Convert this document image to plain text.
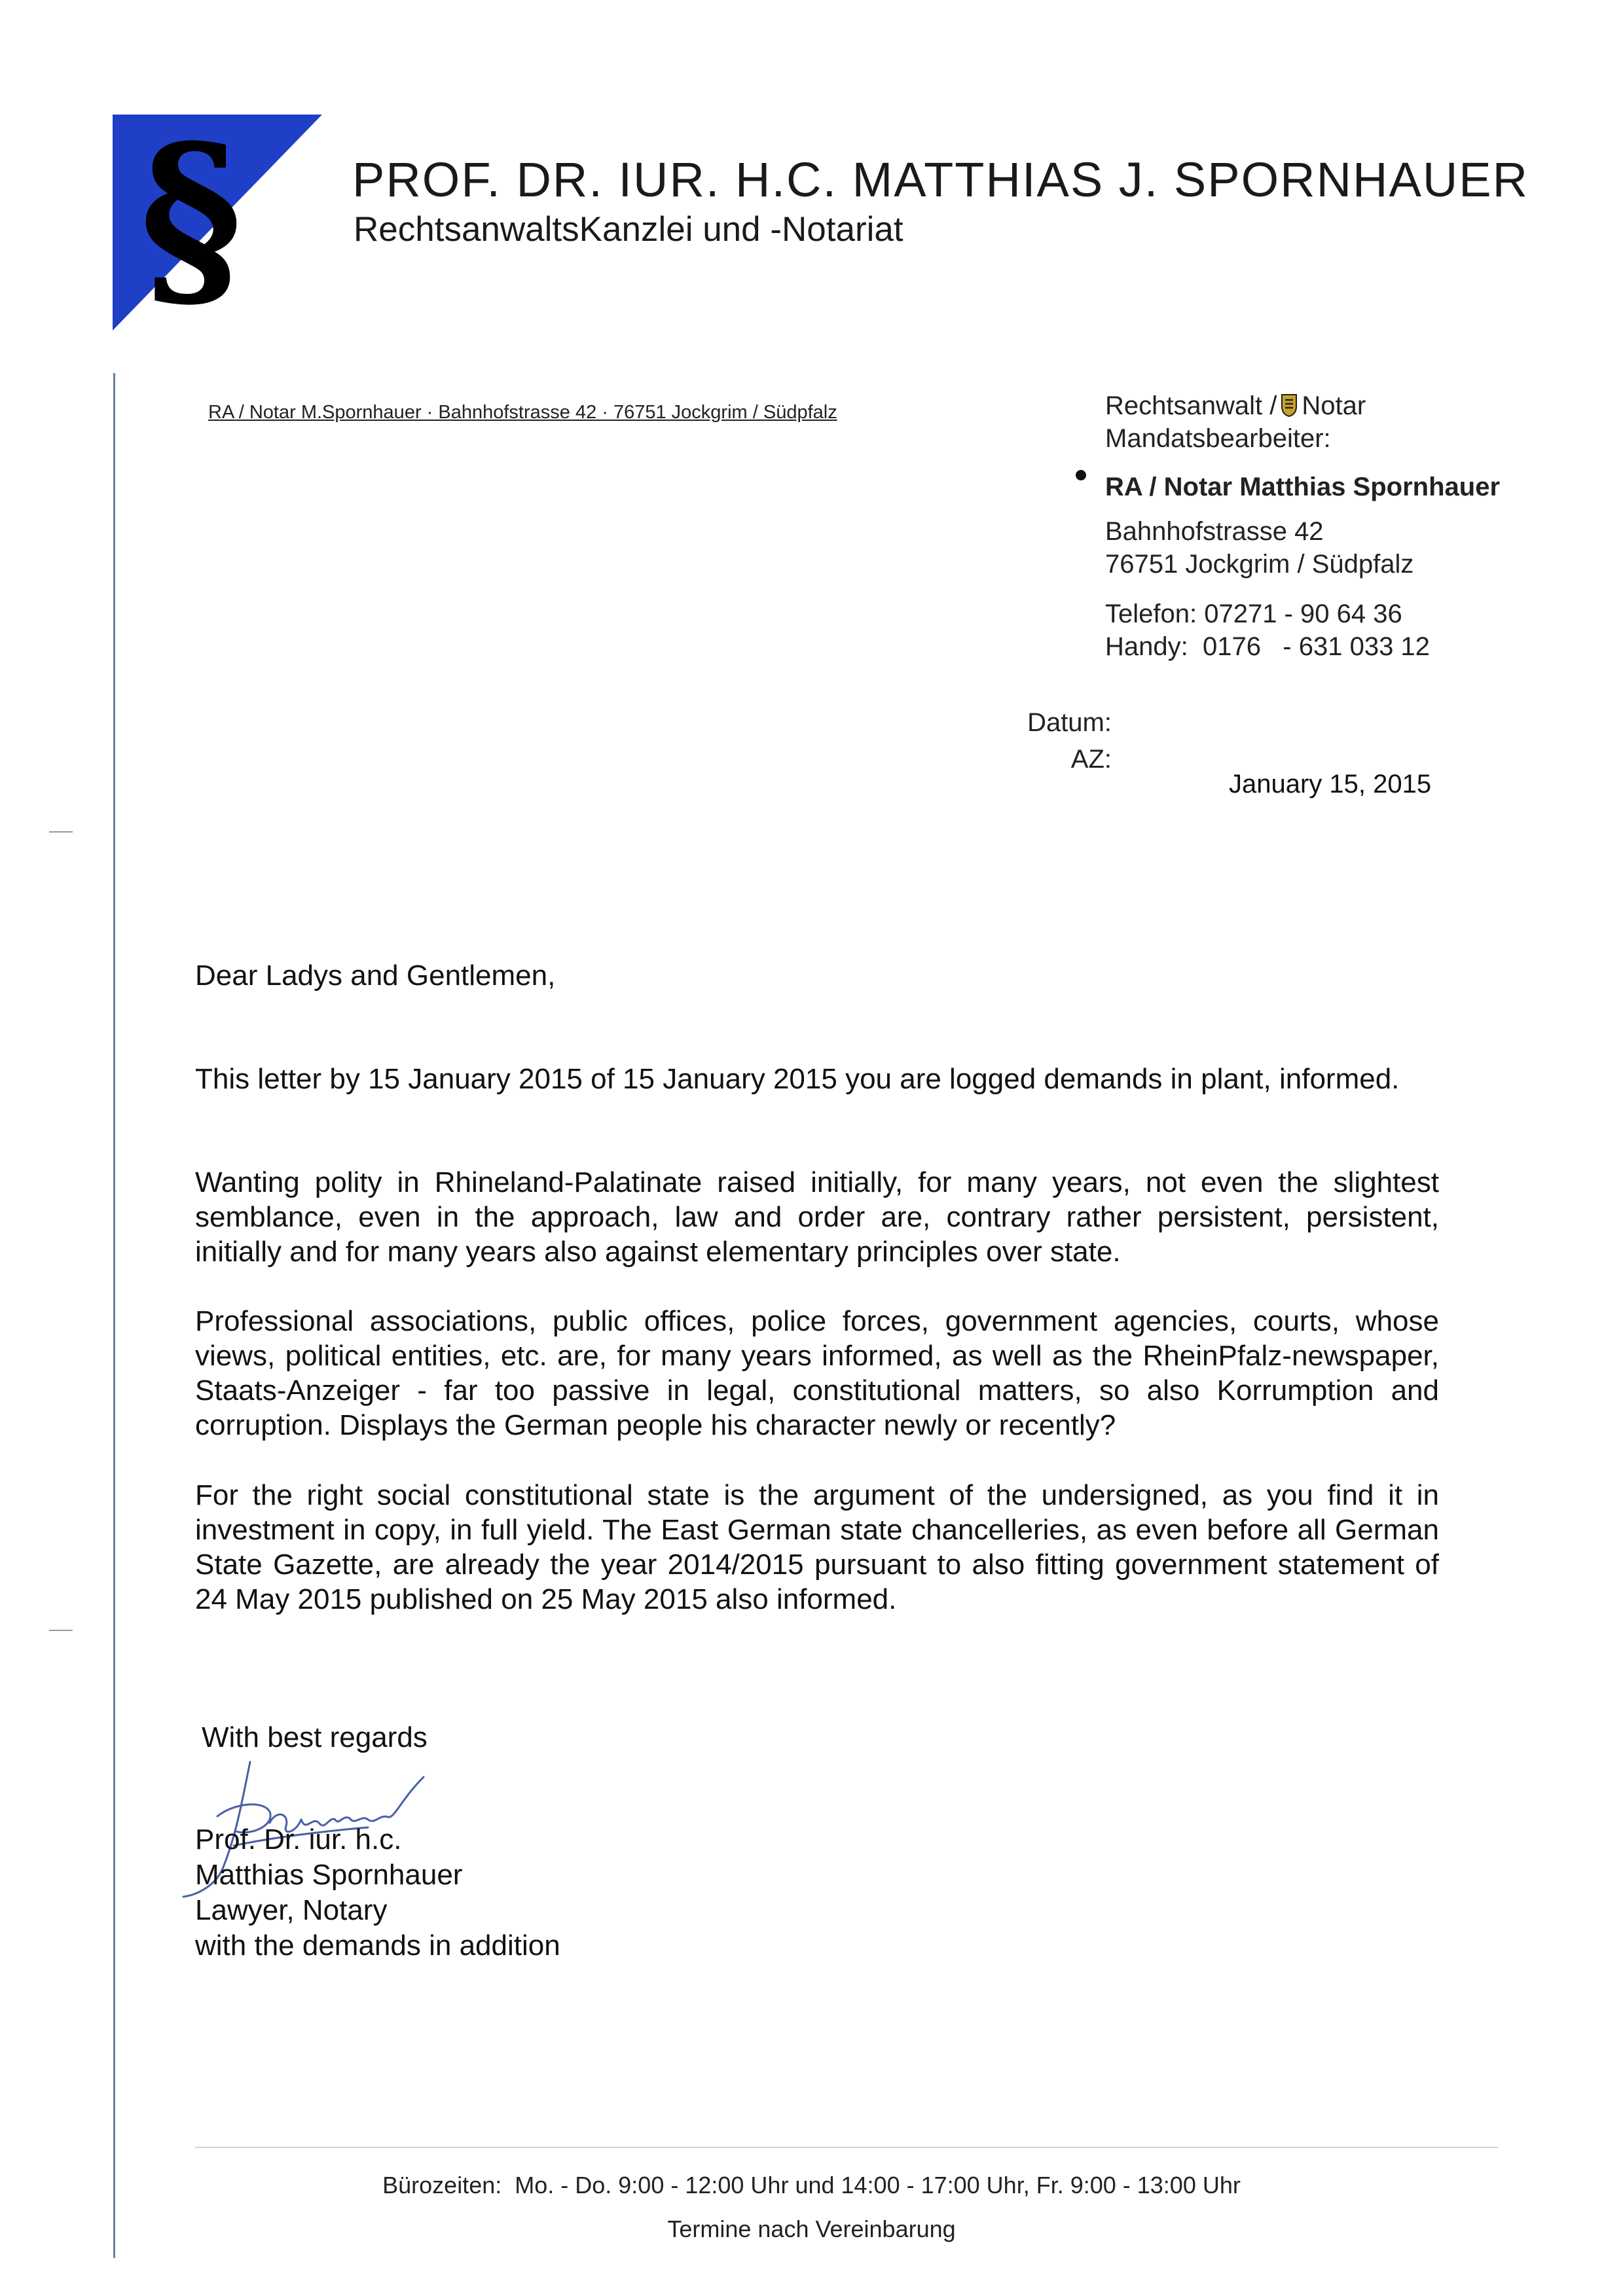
§ PROF. DR. IUR. H.C. MATTHIAS J. SPORNHAUER
RechtsanwaltsKanzlei und -Notariat
RA / Notar M.Spornhauer · Bahnhofstrasse 42 · 76751 Jockgrim / Südpfalz	Rechtsanwalt / Notar
Mandatsbearbeiter:
RA / Notar Matthias Spornhauer
Bahnhofstrasse 42
76751 Jockgrim / Südpfalz
Telefon: 07271 - 90 64 36
Handy:  0176   - 631 033 12
Datum:
AZ:
January 15, 2015
Dear Ladys and Gentlemen,
This letter by 15 January 2015 of 15 January 2015 you are logged demands in plant, informed.
Wanting polity in Rhineland-Palatinate raised initially, for many years, not even the slightest semblance, even in the approach, law and order are, contrary rather persistent, persistent, initially and for many years also against elementary principles over state.
Professional associations, public offices, police forces, government agencies, courts, whose views, political entities, etc. are, for many years informed, as well as the RheinPfalz-newspaper, Staats-Anzeiger - far too passive in legal, constitutional matters, so also Korrumption and corruption. Displays the German people his character newly or recently?
For the right social constitutional state is the argument of the undersigned, as you find it in investment in copy, in full yield. The East German state chancelleries, as even before all German State Gazette, are already the year 2014/2015 pursuant to also fitting government statement of 24 May 2015 published on 25 May 2015 also informed.
With best regards
Prof. Dr. iur. h.c.
Matthias Spornhauer
Lawyer, Notary
with the demands in addition
Bürozeiten:  Mo. - Do. 9:00 - 12:00 Uhr und 14:00 - 17:00 Uhr, Fr. 9:00 - 13:00 Uhr
Termine nach Vereinbarung
